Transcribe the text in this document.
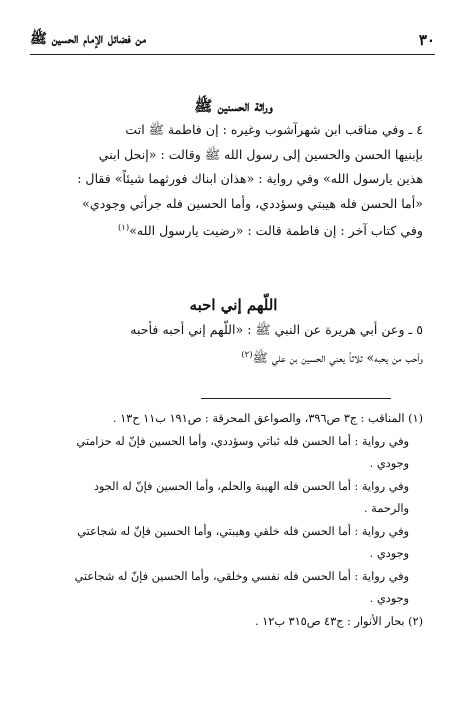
٣٠
من فضائل الإمام الحسين ﷺ
وراثة الحسنين ﷺ

٤ ـ وفي مناقب ابن شهرآشوب وغيره : إن فاطمة ﷺ اتت

بإبنيها الحسن والحسين إلى رسول الله ﷺ وقالت : «إنحل ابني

هذين يارسول الله» وفي رواية : «هذان ابناك فورثهما شيئاً» فقال :

«أما الحسن فله هيبتي وسؤددي، وأما الحسين فله جرأتي وجودي»

وفي كتاب آخر : إن فاطمة قالت : «رضيت يارسول الله»$^{(١)}$

اللّهم إني احبه

٥ ـ وعن أبي هريرة عن النبي ﷺ : «اللّهم إني أحبه فأحبه

وأحب من يحبه» ثلاثاً يعني الحسين بن علي ﷺ$^{(٢)}$

(١) المناقب : ج٣ ص٣٩٦، والصواعق المحرقة : ص١٩١ ب١١ ح١٣ .

وفي رواية : أما الحسن فله ثباتي وسؤددي، وأما الحسين فإنّ له حزامتي

وجودي .

وفي رواية : أما الحسن فله الهيبة والحلم، وأما الحسين فإنّ له الجود

والرحمة .

وفي رواية : أما الحسن فله خلقي وهيبتي، وأما الحسين فإنّ له شجاعتي

وجودي .

وفي رواية : أما الحسن فله نفسي وخلقي، وأما الحسين فإنّ له شجاعتي

وجودي .

(٢) بحار الأنوار : ج٤٣ ص٣١٥ ب١٢ .
